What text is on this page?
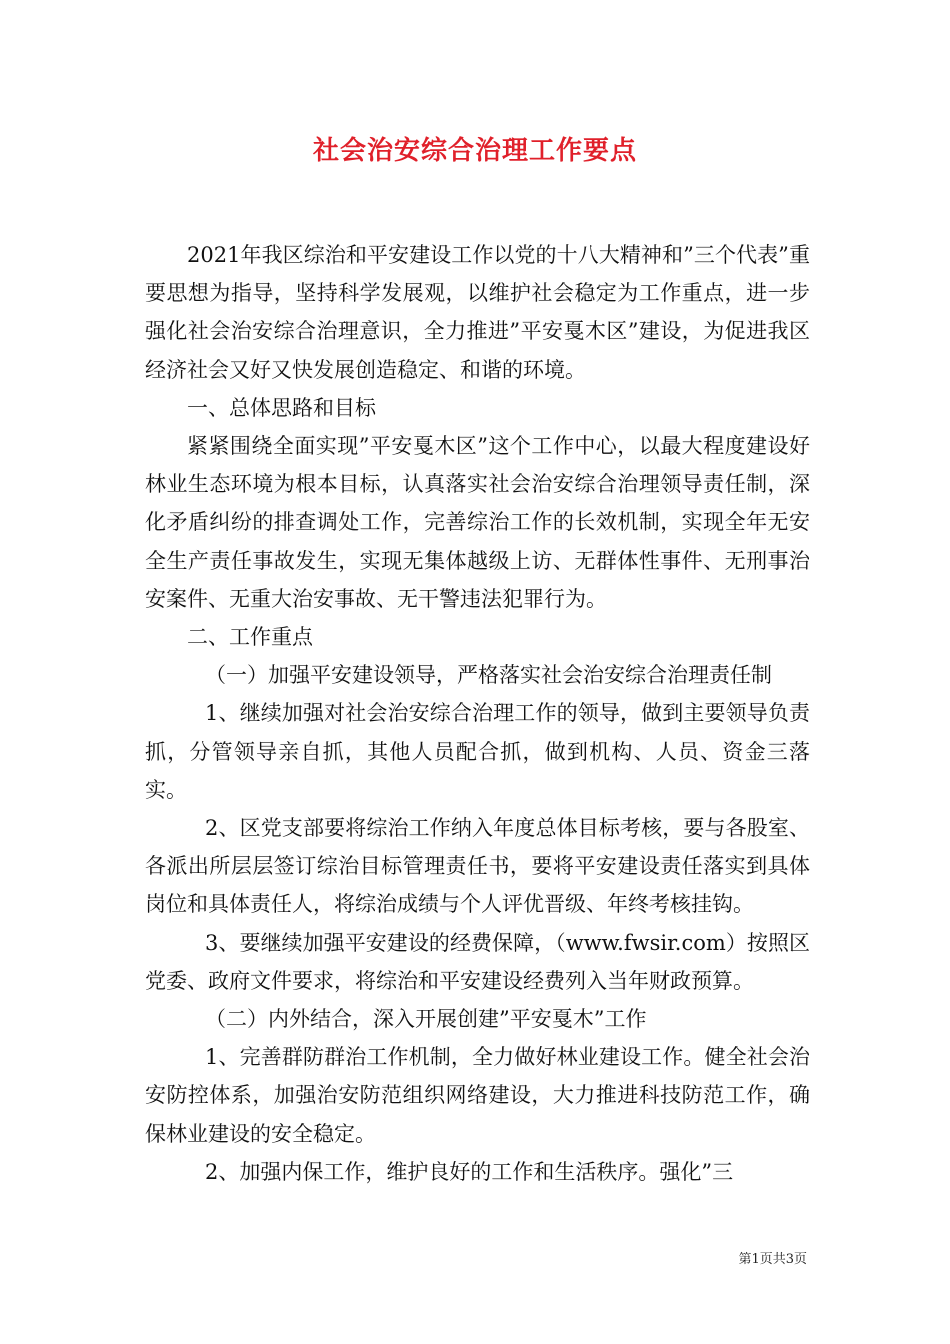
社会治安综合治理工作要点

2021年我区综治和平安建设工作以党的十八大精神和”三个代表”重要思想为指导，坚持科学发展观，以维护社会稳定为工作重点，进一步强化社会治安综合治理意识，全力推进”平安戛木区”建设，为促进我区经济社会又好又快发展创造稳定、和谐的环境。

一、总体思路和目标

紧紧围绕全面实现”平安戛木区”这个工作中心，以最大程度建设好林业生态环境为根本目标，认真落实社会治安综合治理领导责任制，深化矛盾纠纷的排查调处工作，完善综治工作的长效机制，实现全年无安全生产责任事故发生，实现无集体越级上访、无群体性事件、无刑事治安案件、无重大治安事故、无干警违法犯罪行为。

二、工作重点

（一）加强平安建设领导，严格落实社会治安综合治理责任制

1、继续加强对社会治安综合治理工作的领导，做到主要领导负责抓，分管领导亲自抓，其他人员配合抓，做到机构、人员、资金三落实。

2、区党支部要将综治工作纳入年度总体目标考核，要与各股室、各派出所层层签订综治目标管理责任书，要将平安建设责任落实到具体岗位和具体责任人，将综治成绩与个人评优晋级、年终考核挂钩。

3、要继续加强平安建设的经费保障，（www.fwsir.com）按照区党委、政府文件要求，将综治和平安建设经费列入当年财政预算。

（二）内外结合，深入开展创建”平安戛木”工作

1、完善群防群治工作机制，全力做好林业建设工作。健全社会治安防控体系，加强治安防范组织网络建设，大力推进科技防范工作，确保林业建设的安全稳定。

2、加强内保工作，维护良好的工作和生活秩序。强化”三

第1页共3页
